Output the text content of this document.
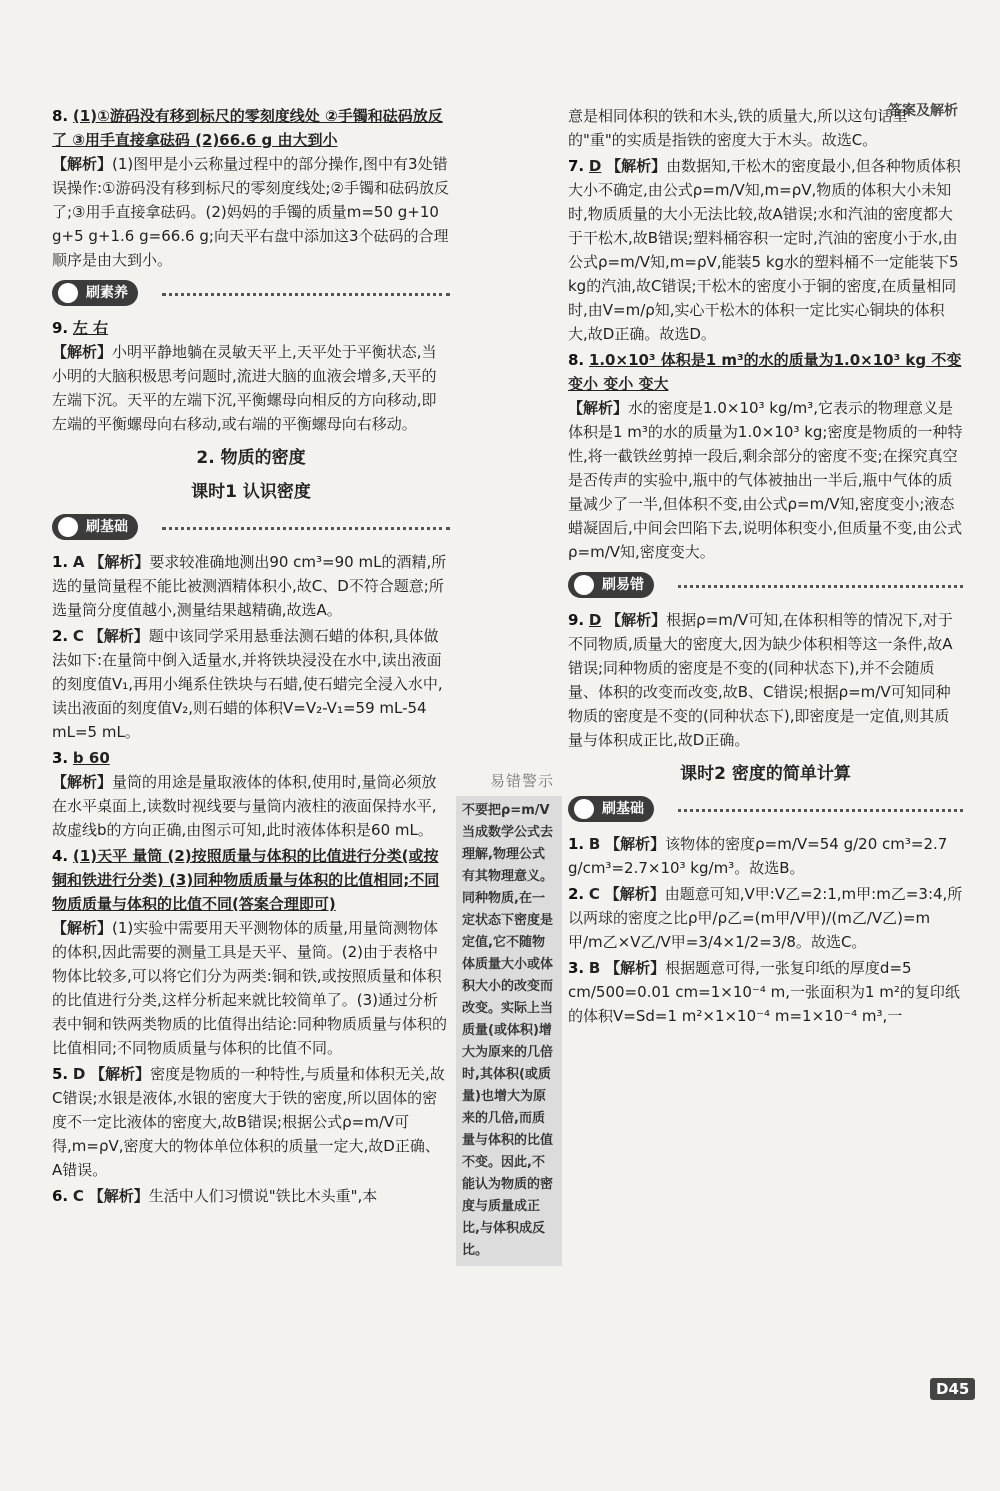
答案及解析
8. (1)①游码没有移到标尺的零刻度线处 ②手镯和砝码放反了 ③用手直接拿砝码 (2)66.6 g 由大到小
【解析】(1)图甲是小云称量过程中的部分操作,图中有3处错误操作:①游码没有移到标尺的零刻度线处;②手镯和砝码放反了;③用手直接拿砝码。(2)妈妈的手镯的质量m=50 g+10 g+5 g+1.6 g=66.6 g;向天平右盘中添加这3个砝码的合理顺序是由大到小。
刷素养
9. 左 右
【解析】小明平静地躺在灵敏天平上,天平处于平衡状态,当小明的大脑积极思考问题时,流进大脑的血液会增多,天平的左端下沉。天平的左端下沉,平衡螺母向相反的方向移动,即左端的平衡螺母向右移动,或右端的平衡螺母向右移动。
2. 物质的密度
课时1 认识密度
刷基础
1. A 【解析】要求较准确地测出90 cm³=90 mL的酒精,所选的量筒量程不能比被测酒精体积小,故C、D不符合题意;所选量筒分度值越小,测量结果越精确,故选A。
2. C 【解析】题中该同学采用悬垂法测石蜡的体积,具体做法如下:在量筒中倒入适量水,并将铁块浸没在水中,读出液面的刻度值V₁,再用小绳系住铁块与石蜡,使石蜡完全浸入水中,读出液面的刻度值V₂,则石蜡的体积V=V₂-V₁=59 mL-54 mL=5 mL。
3. b 60
【解析】量筒的用途是量取液体的体积,使用时,量筒必须放在水平桌面上,读数时视线要与量筒内液柱的液面保持水平,故虚线b的方向正确,由图示可知,此时液体体积是60 mL。
4. (1)天平 量筒 (2)按照质量与体积的比值进行分类(或按铜和铁进行分类) (3)同种物质质量与体积的比值相同;不同物质质量与体积的比值不同(答案合理即可)
【解析】(1)实验中需要用天平测物体的质量,用量筒测物体的体积,因此需要的测量工具是天平、量筒。(2)由于表格中物体比较多,可以将它们分为两类:铜和铁,或按照质量和体积的比值进行分类,这样分析起来就比较简单了。(3)通过分析表中铜和铁两类物质的比值得出结论:同种物质质量与体积的比值相同;不同物质质量与体积的比值不同。
5. D 【解析】密度是物质的一种特性,与质量和体积无关,故C错误;水银是液体,水银的密度大于铁的密度,所以固体的密度不一定比液体的密度大,故B错误;根据公式ρ=m/V可得,m=ρV,密度大的物体单位体积的质量一定大,故D正确、A错误。
6. C 【解析】生活中人们习惯说"铁比木头重",本
易错警示
不要把ρ=m/V当成数学公式去理解,物理公式有其物理意义。同种物质,在一定状态下密度是定值,它不随物体质量大小或体积大小的改变而改变。实际上当质量(或体积)增大为原来的几倍时,其体积(或质量)也增大为原来的几倍,而质量与体积的比值不变。因此,不能认为物质的密度与质量成正比,与体积成反比。
意是相同体积的铁和木头,铁的质量大,所以这句话里的"重"的实质是指铁的密度大于木头。故选C。
7. D 【解析】由数据知,干松木的密度最小,但各种物质体积大小不确定,由公式ρ=m/V知,m=ρV,物质的体积大小未知时,物质质量的大小无法比较,故A错误;水和汽油的密度都大于干松木,故B错误;塑料桶容积一定时,汽油的密度小于水,由公式ρ=m/V知,m=ρV,能装5 kg水的塑料桶不一定能装下5 kg的汽油,故C错误;干松木的密度小于铜的密度,在质量相同时,由V=m/ρ知,实心干松木的体积一定比实心铜块的体积大,故D正确。故选D。
8. 1.0×10³ 体积是1 m³的水的质量为1.0×10³ kg 不变 变小 变小 变大
【解析】水的密度是1.0×10³ kg/m³,它表示的物理意义是体积是1 m³的水的质量为1.0×10³ kg;密度是物质的一种特性,将一截铁丝剪掉一段后,剩余部分的密度不变;在探究真空是否传声的实验中,瓶中的气体被抽出一半后,瓶中气体的质量减少了一半,但体积不变,由公式ρ=m/V知,密度变小;液态蜡凝固后,中间会凹陷下去,说明体积变小,但质量不变,由公式ρ=m/V知,密度变大。
刷易错
9. D 【解析】根据ρ=m/V可知,在体积相等的情况下,对于不同物质,质量大的密度大,因为缺少体积相等这一条件,故A错误;同种物质的密度是不变的(同种状态下),并不会随质量、体积的改变而改变,故B、C错误;根据ρ=m/V可知同种物质的密度是不变的(同种状态下),即密度是一定值,则其质量与体积成正比,故D正确。
课时2 密度的简单计算
刷基础
1. B 【解析】该物体的密度ρ=m/V=54 g/20 cm³=2.7 g/cm³=2.7×10³ kg/m³。故选B。
2. C 【解析】由题意可知,V甲:V乙=2:1,m甲:m乙=3:4,所以两球的密度之比ρ甲/ρ乙=(m甲/V甲)/(m乙/V乙)=m甲/m乙×V乙/V甲=3/4×1/2=3/8。故选C。
3. B 【解析】根据题意可得,一张复印纸的厚度d=5 cm/500=0.01 cm=1×10⁻⁴ m,一张面积为1 m²的复印纸的体积V=Sd=1 m²×1×10⁻⁴ m=1×10⁻⁴ m³,一
D45
